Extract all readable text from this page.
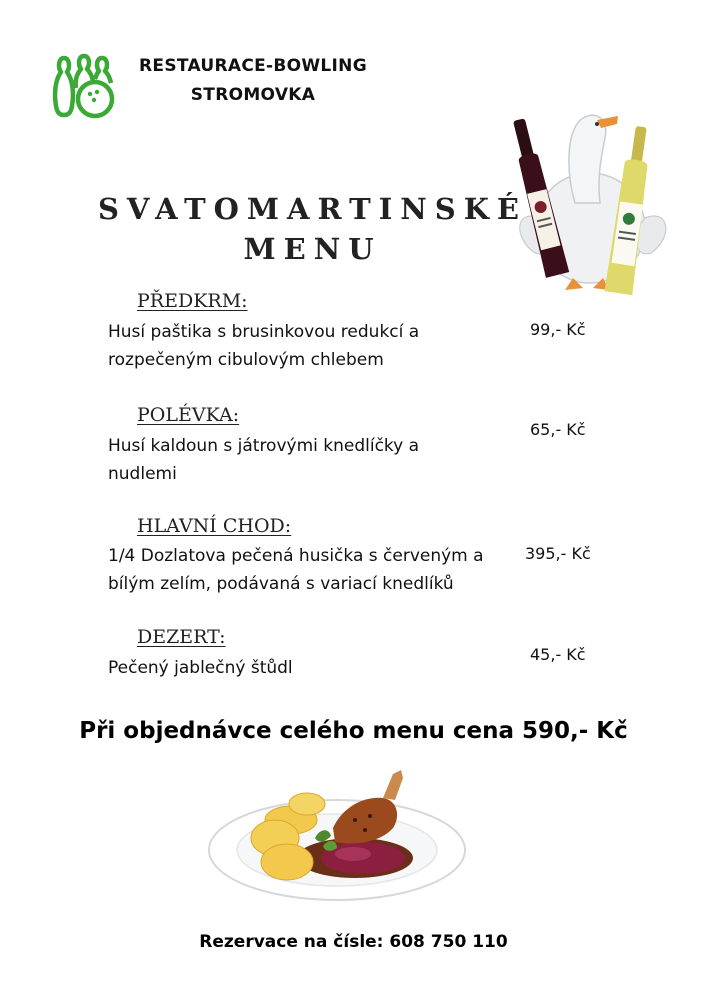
RESTAURACE-BOWLING
STROMOVKA
SVATOMARTINSKÉ
MENU
PŘEDKRM:
Husí paštika s brusinkovou redukcí a
rozpečeným cibulovým chlebem
99,- Kč
POLÉVKA:
Husí kaldoun s játrovými knedlíčky a
nudlemi
65,- Kč
HLAVNÍ CHOD:
1/4 Dozlatova pečená husička s červeným a
bílým zelím, podávaná s variací knedlíků
395,- Kč
DEZERT:
Pečený jablečný štůdl
45,- Kč
Při objednávce celého menu cena 590,- Kč
Rezervace na čísle: 608 750 110
